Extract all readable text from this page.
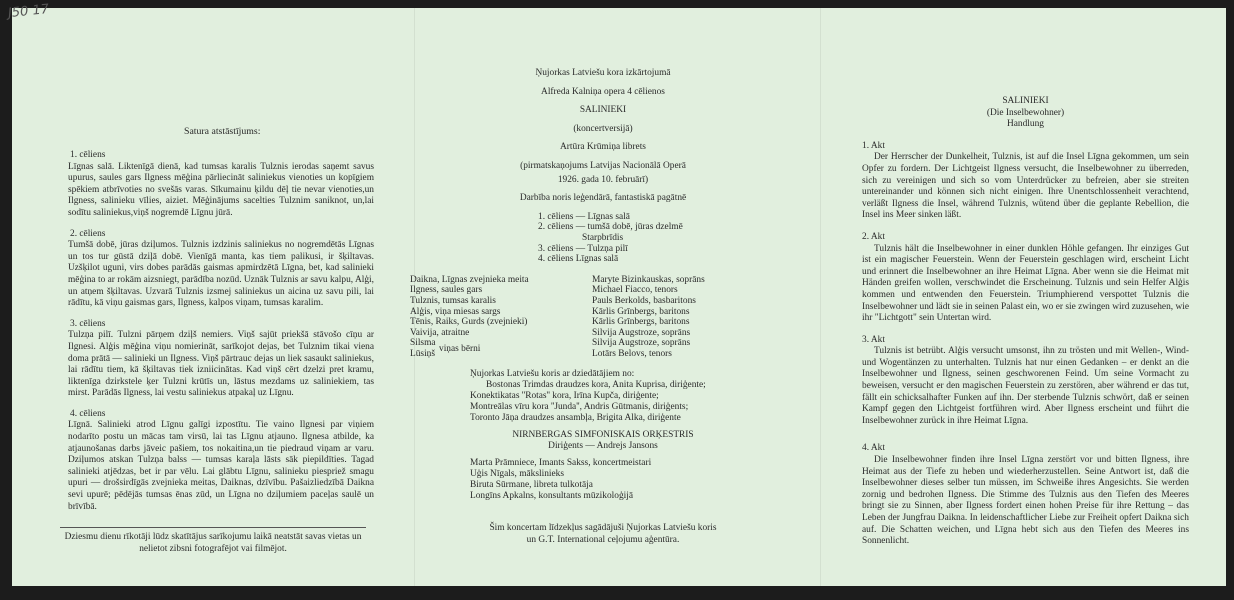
J50 17
Satura atstāstījums:
1. cēliens
Līgnas salā. Liktenīgā dienā, kad tumsas karalis Tulznis ierodas saņemt savus upurus, saules gars Ilgness mēģina pārliecināt saliniekus vienoties un kopīgiem spēkiem atbrīvoties no svešās varas. Sīkumainu ķildu dēļ tie nevar vienoties,un Ilgness, salinieku vīlies, aiziet. Mēģinājums sacelties Tulznim saniknot, un,lai sodītu saliniekus,viņš nogremdē Līgnu jūrā.
2. cēliens
Tumšā dobē, jūras dziļumos. Tulznis izdzinis saliniekus no nogremdētās Līgnas un tos tur gūstā dziļā dobē. Vienīgā manta, kas tiem palikusi, ir šķiltavas. Uzšķilot uguni, virs dobes parādās gaismas apmirdzētā Līgna, bet, kad salinieki mēģina to ar rokām aizsniegt, parādība nozūd. Uznāk Tulznis ar savu kalpu, Alģi, un atņem šķiltavas. Uzvarā Tulznis izsmej saliniekus un aicina uz savu pili, lai rādītu, kā viņu gaismas gars, Ilgness, kalpos viņam, tumsas karalim.
3. cēliens
Tulzņa pilī. Tulzni pārņem dziļš nemiers. Viņš sajūt priekšā stāvošo cīņu ar Ilgnesi. Alģis mēģina viņu nomierināt, sarīkojot dejas, bet Tulznim tikai viena doma prātā — salinieki un Ilgness. Viņš pārtrauc dejas un liek sasaukt saliniekus, lai rādītu tiem, kā šķiltavas tiek izniicinātas. Kad viņš cērt dzelzi pret kramu, liktenīga dzirkstele ķer Tulzni krūtīs un, lāstus mezdams uz saliniekiem, tas mirst. Parādās Ilgness, lai vestu saliniekus atpakaļ uz Līgnu.
4. cēliens
Līgnā. Salinieki atrod Līgnu galīgi izpostītu. Tie vaino Ilgnesi par viņiem nodarīto postu un mācas tam virsū, lai tas Līgnu atjauno. Ilgnesa atbilde, ka atjaunošanas darbs jāveic pašiem, tos nokaitina,un tie piedraud viņam ar varu. Dziļumos atskan Tulzņa balss — tumsas karaļa lāsts sāk piepildīties. Tagad salinieki atjēdzas, bet ir par vēlu. Lai glābtu Līgnu, salinieku piespriež smagu upuri — drošsirdīgās zvejnieka meitas, Daiknas, dzīvību. Pašaizliedzībā Daikna sevi upurē; pēdējās tumsas ēnas zūd, un Līgna no dziļumiem paceļas saulē un brīvībā.
Dziesmu dienu rīkotāji lūdz skatītājus sarīkojumu laikā neatstāt savas vietas un nelietot zibsni fotografējot vai filmējot.
Ņujorkas Latviešu kora izkārtojumā
Alfreda Kalniņa opera 4 cēlienos
SALINIEKI
(koncertversijā)
Artūra Krūmiņa librets
(pirmatskaņojums Latvijas Nacionālā Operā
1926. gada 10. februārī)
Darbība noris leģendārā, fantastiskā pagātnē
1. cēliens — Līgnas salā
2. cēliens — tumšā dobē, jūras dzelmē
Starpbrīdis
3. cēliens — Tulzņa pilī
4. cēliens Līgnas salā
Daikna, Līgnas zvejnieka meita	Maryte Bizinkauskas, soprāns
Ilgness, saules gars	Michael Fiacco, tenors
Tulznis, tumsas karalis	Pauls Berkolds, basbaritons
Alģis, viņa miesas sargs	Kārlis Grīnbergs, baritons
Tēnis, Raiks, Gurds (zvejnieki)	Kārlis Grīnbergs, baritons
Vaivija, atraitne	Silvija Augstroze, soprāns
Silsma	Silvija Augstroze, soprāns
Lūsiņš viņas bērni	Lotārs Belovs, tenors
Ņujorkas Latviešu koris ar dziedātājiem no:
Bostonas Trimdas draudzes kora, Anita Kuprisa, diriģente;
Konektikatas ''Rotas'' kora, Irīna Kupča, diriģente;
Montreālas vīru kora ''Junda'', Andris Gūtmanis, diriģents;
Toronto Jāņa draudzes ansambļa, Brigita Alka, diriģente
NIRNBERGAS SIMFONISKAIS ORĶESTRIS
Diriģents — Andrejs Jansons
Marta Prāmniece, Imants Sakss, koncertmeistari
Uģis Nīgals, mākslinieks
Biruta Sūrmane, libreta tulkotāja
Longīns Apkalns, konsultants mūzikoloģijā
Šim koncertam līdzekļus sagādājuši Ņujorkas Latviešu koris
un G.T. International ceļojumu aģentūra.
SALINIEKI
(Die Inselbewohner)
Handlung
1. Akt
Der Herrscher der Dunkelheit, Tulznis, ist auf die Insel Līgna gekommen, um sein Opfer zu fordern. Der Lichtgeist Ilgness versucht, die Inselbewohner zu überreden, sich zu vereinigen und sich so vom Unterdrücker zu befreien, aber sie streiten untereinander und können sich nicht einigen. Ihre Unentschlossenheit verachtend, verläßt Ilgness die Insel, während Tulznis, wütend über die geplante Rebellion, die Insel ins Meer sinken läßt.
2. Akt
Tulznis hält die Inselbewohner in einer dunklen Höhle gefangen. Ihr einziges Gut ist ein magischer Feuerstein. Wenn der Feuerstein geschlagen wird, erscheint Licht und erinnert die Inselbewohner an ihre Heimat Līgna. Aber wenn sie die Heimat mit Händen greifen wollen, verschwindet die Erscheinung. Tulznis und sein Helfer Alģis kommen und entwenden den Feuerstein. Triumphierend verspottet Tulznis die Inselbewohner und lädt sie in seinen Palast ein, wo er sie zwingen wird zuzusehen, wie ihr "Lichtgott" sein Untertan wird.
3. Akt
Tulznis ist betrübt. Alģis versucht umsonst, ihn zu trösten und mit Wellen-, Wind- und Wogentänzen zu unterhalten. Tulznis hat nur einen Gedanken – er denkt an die Inselbewohner und Ilgness, seinen geschworenen Feind. Um seine Vormacht zu beweisen, versucht er den magischen Feuerstein zu zerstören, aber während er das tut, fällt ein schicksalhafter Funken auf ihn. Der sterbende Tulznis schwört, daß er seinen Kampf gegen den Lichtgeist fortführen wird. Aber Ilgness erscheint und führt die Inselbewohner zurück in ihre Heimat Līgna.
4. Akt
Die Inselbewohner finden ihre Insel Līgna zerstört vor und bitten Ilgness, ihre Heimat aus der Tiefe zu heben und wiederherzustellen. Seine Antwort ist, daß die Inselbewohner dieses selber tun müssen, im Schweiße ihres Angesichts. Sie werden zornig und bedrohen Ilgness. Die Stimme des Tulznis aus den Tiefen des Meeres bringt sie zu Sinnen, aber Ilgness fordert einen hohen Preise für ihre Rettung – das Leben der Jungfrau Daikna. In leidenschaftlicher Liebe zur Freiheit opfert Daikna sich auf. Die Schatten weichen, und Līgna hebt sich aus den Tiefen des Meeres ins Sonnenlicht.
